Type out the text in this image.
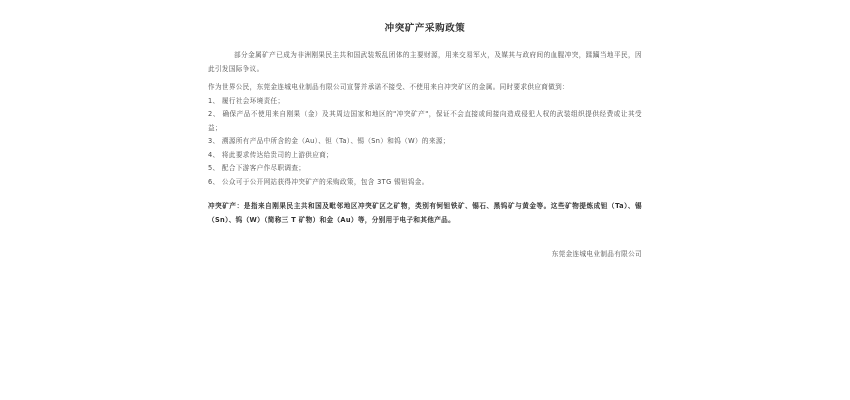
冲突矿产采购政策

部分金属矿产已成为非洲刚果民主共和国武装叛乱团体的主要财源，用来交易军火，及媒其与政府间的血腥冲突，蹂躏当地平民，因此引发国际争议。

作为世界公民，东莞金连城电业制品有限公司宣誓并承诺不接受、不使用来自冲突矿区的金属。同时要求供应商做到：

1、 履行社会环境责任；

2、 确保产品不使用来自刚果（金）及其周边国家和地区的"冲突矿产"，保证不会直接或间接向造成侵犯人权的武装组织提供经费或让其受益；

3、 溯源所有产品中所含的金（Au）、钽（Ta）、锡（Sn）和钨（W）的来源；

4、 将此要求传达给贵司的上游供应商；

5、 配合下游客户作尽职调查；

6、 公众可于公开网站获得冲突矿产的采购政策，包含 3TG 锡钽钨金。

冲突矿产：是指来自刚果民主共和国及毗邻地区冲突矿区之矿物，类别有钶钽铁矿、锡石、黑钨矿与黄金等。这些矿物提炼成钽（Ta）、锡（Sn）、钨（W）（简称三 T 矿物）和金（Au）等，分别用于电子和其他产品。

东莞金连城电业制品有限公司
